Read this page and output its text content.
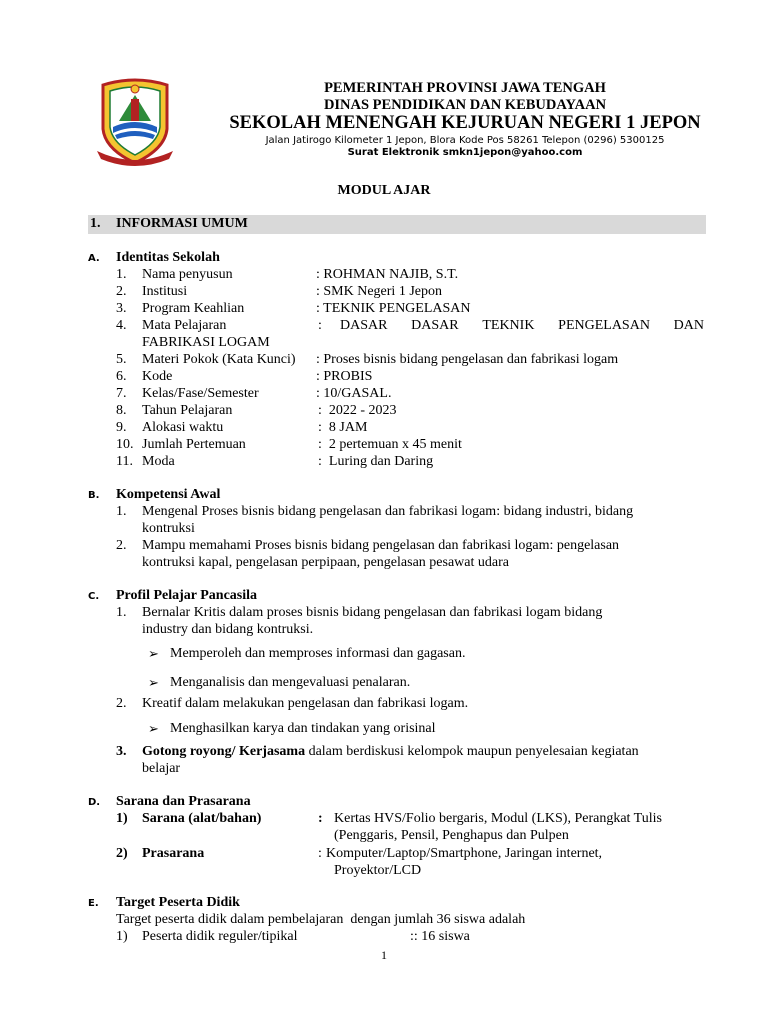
PEMERINTAH PROVINSI JAWA TENGAH
DINAS PENDIDIKAN DAN KEBUDAYAAN
SEKOLAH MENENGAH KEJURUAN NEGERI 1 JEPON
Jalan Jatirogo Kilometer 1 Jepon, Blora Kode Pos 58261 Telepon (0296) 5300125
Surat Elektronik smkn1jepon@yahoo.com
MODUL AJAR
1. INFORMASI UMUM
A. Identitas Sekolah
1. Nama penyusun	: ROHMAN NAJIB, S.T.
2. Institusi	: SMK Negeri 1 Jepon
3. Program Keahlian	: TEKNIK PENGELASAN
4. Mata Pelajaran	: DASAR DASAR TEKNIK PENGELASAN DAN
FABRIKASI LOGAM
5. Materi Pokok (Kata Kunci) : Proses bisnis bidang pengelasan dan fabrikasi logam
6. Kode	: PROBIS
7. Kelas/Fase/Semester	: 10/GASAL.
8. Tahun Pelajaran	:  2022 - 2023
9. Alokasi waktu	:  8 JAM
10. Jumlah Pertemuan	:  2 pertemuan x 45 menit
11. Moda	:  Luring dan Daring
B. Kompetensi Awal
1. Mengenal Proses bisnis bidang pengelasan dan fabrikasi logam: bidang industri, bidang
kontruksi
2. Mampu memahami Proses bisnis bidang pengelasan dan fabrikasi logam: pengelasan
kontruksi kapal, pengelasan perpipaan, pengelasan pesawat udara
C. Profil Pelajar Pancasila
1. Bernalar Kritis dalam proses bisnis bidang pengelasan dan fabrikasi logam bidang
industry dan bidang kontruksi.
➢ Memperoleh dan memproses informasi dan gagasan.
➢ Menganalisis dan mengevaluasi penalaran.
2. Kreatif dalam melakukan pengelasan dan fabrikasi logam.
➢ Menghasilkan karya dan tindakan yang orisinal
3. Gotong royong/ Kerjasama dalam berdiskusi kelompok maupun penyelesaian kegiatan
belajar
D. Sarana dan Prasarana
1) Sarana (alat/bahan)	: Kertas HVS/Folio bergaris, Modul (LKS), Perangkat Tulis
(Penggaris, Pensil, Penghapus dan Pulpen
2) Prasarana	: Komputer/Laptop/Smartphone, Jaringan internet,
Proyektor/LCD
E. Target Peserta Didik
Target peserta didik dalam pembelajaran  dengan jumlah 36 siswa adalah
1) Peserta didik reguler/tipikal	:: 16 siswa
1
